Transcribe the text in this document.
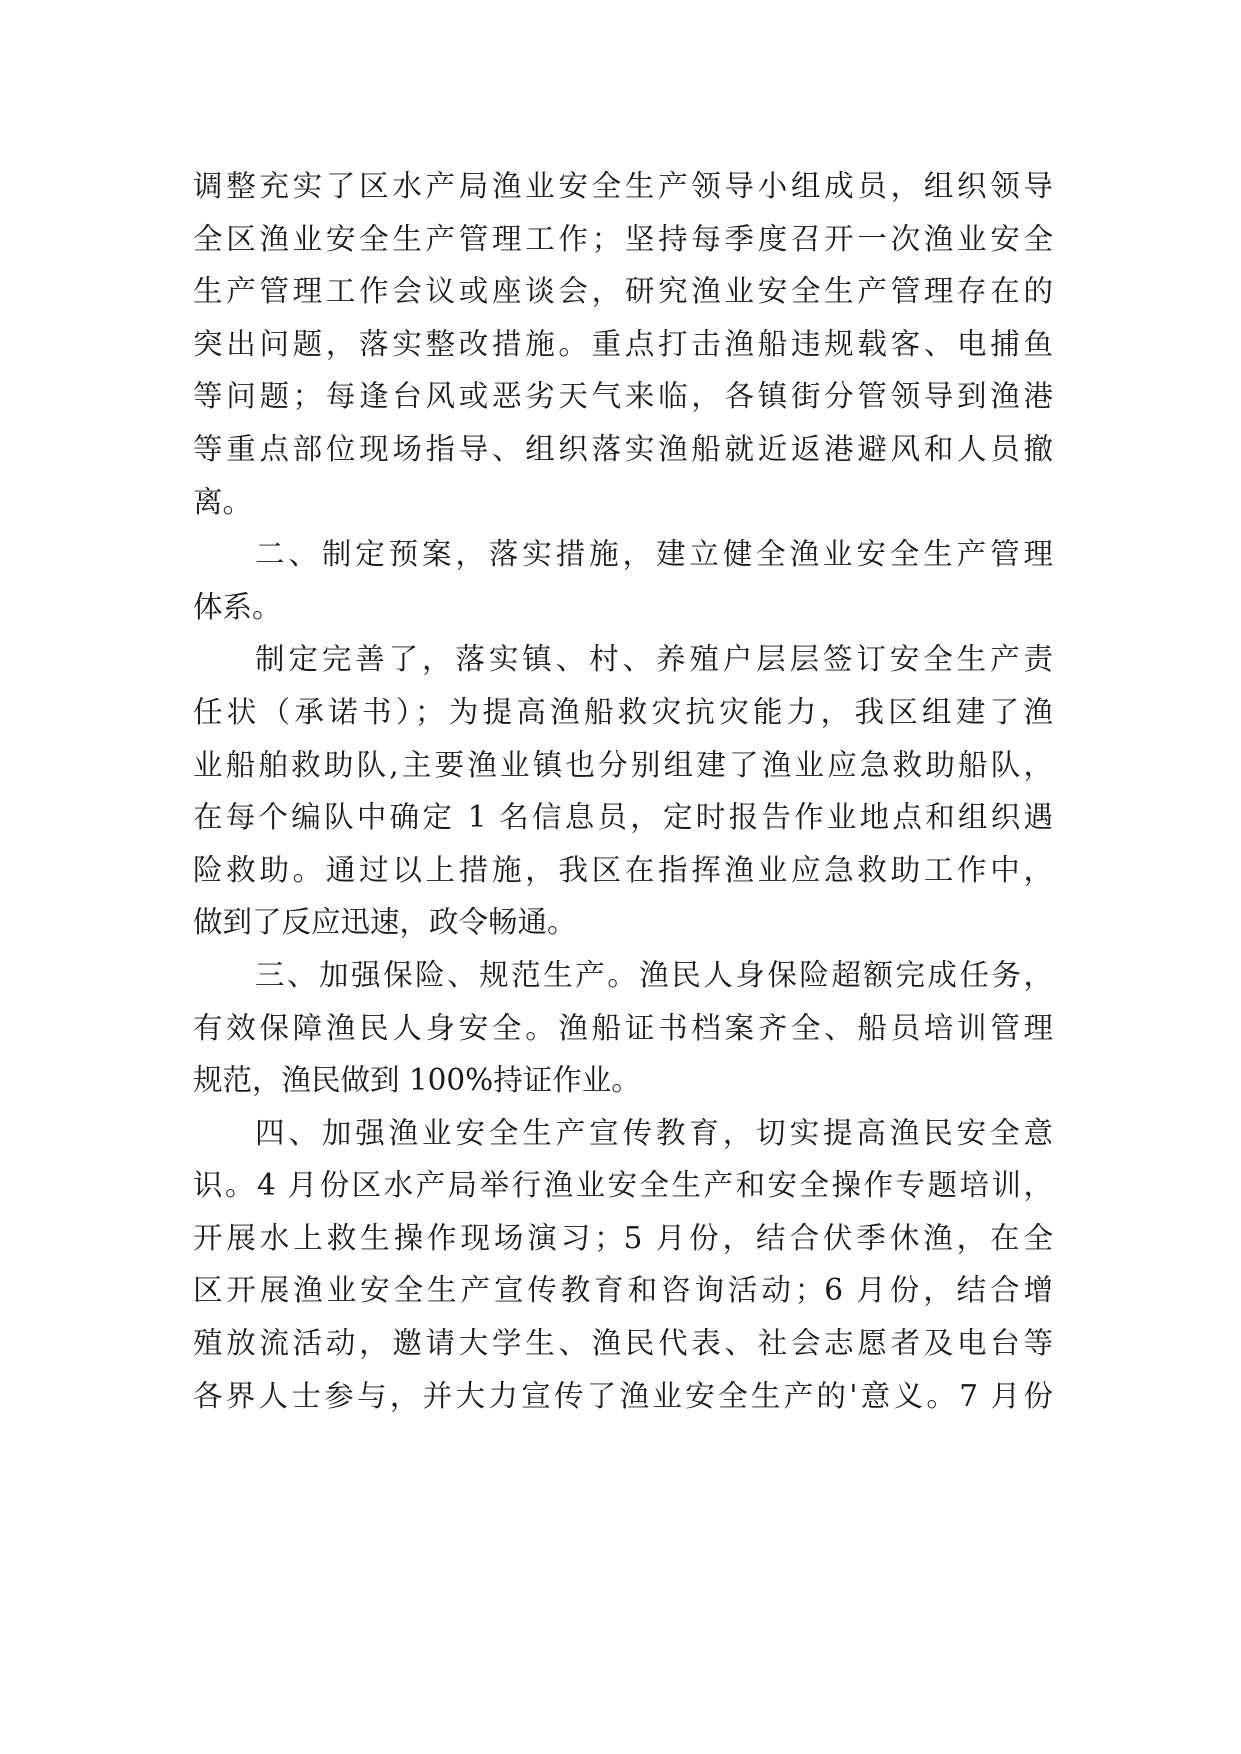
调整充实了区水产局渔业安全生产领导小组成员，组织领导
全区渔业安全生产管理工作；坚持每季度召开一次渔业安全
生产管理工作会议或座谈会，研究渔业安全生产管理存在的
突出问题，落实整改措施。重点打击渔船违规载客、电捕鱼
等问题；每逢台风或恶劣天气来临，各镇街分管领导到渔港
等重点部位现场指导、组织落实渔船就近返港避风和人员撤
离。
二、制定预案，落实措施，建立健全渔业安全生产管理
体系。
制定完善了，落实镇、村、养殖户层层签订安全生产责
任状（承诺书）；为提高渔船救灾抗灾能力，我区组建了渔
业船舶救助队,主要渔业镇也分别组建了渔业应急救助船队，
在每个编队中确定 1 名信息员，定时报告作业地点和组织遇
险救助。通过以上措施，我区在指挥渔业应急救助工作中，
做到了反应迅速，政令畅通。
三、加强保险、规范生产。渔民人身保险超额完成任务，
有效保障渔民人身安全。渔船证书档案齐全、船员培训管理
规范，渔民做到 100%持证作业。
四、加强渔业安全生产宣传教育，切实提高渔民安全意
识。4 月份区水产局举行渔业安全生产和安全操作专题培训，
开展水上救生操作现场演习；5 月份，结合伏季休渔，在全
区开展渔业安全生产宣传教育和咨询活动；6 月份，结合增
殖放流活动，邀请大学生、渔民代表、社会志愿者及电台等
各界人士参与，并大力宣传了渔业安全生产的'意义。7 月份
